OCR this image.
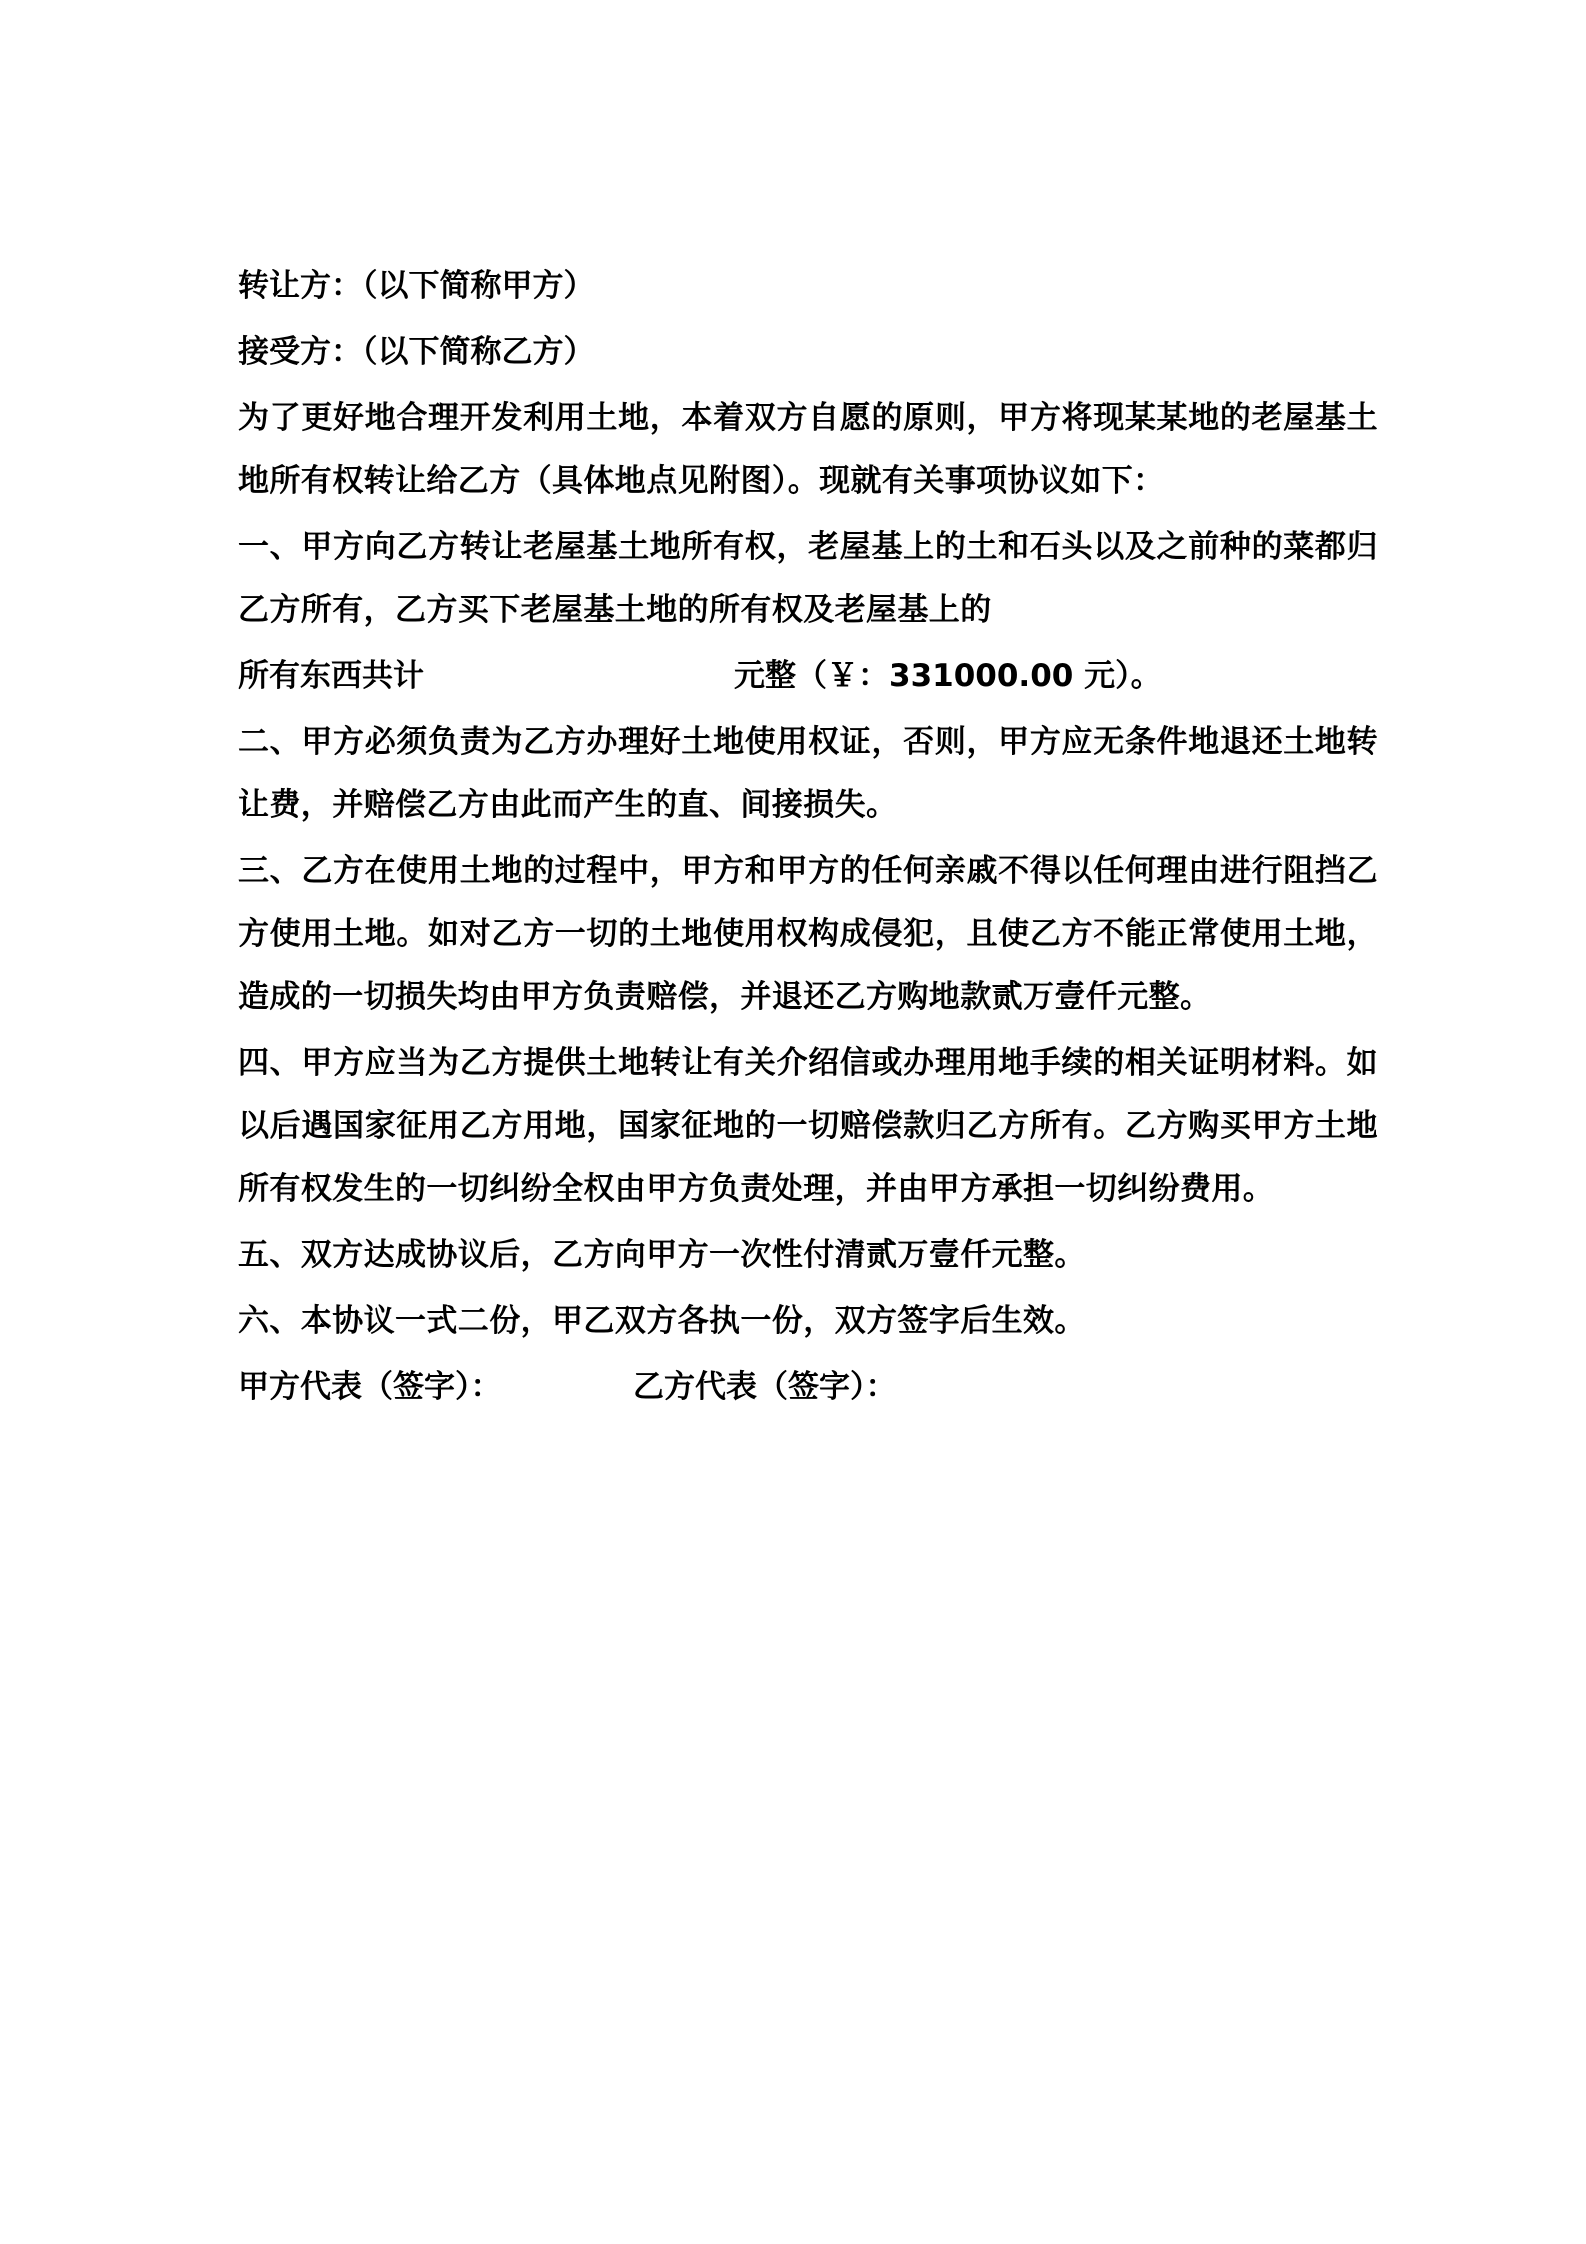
转让方：（以下简称甲方）

接受方：（以下简称乙方）

为了更好地合理开发利用土地，本着双方自愿的原则，甲方将现某某地的老屋基土地所有权转让给乙方（具体地点见附图）。现就有关事项协议如下：

一、甲方向乙方转让老屋基土地所有权，老屋基上的土和石头以及之前种的菜都归乙方所有，乙方买下老屋基土地的所有权及老屋基上的

所有东西共计　　　　　　　　　　	元整（￥：331000.00 元）。

二、甲方必须负责为乙方办理好土地使用权证，否则，甲方应无条件地退还土地转让费，并赔偿乙方由此而产生的直、间接损失。

三、乙方在使用土地的过程中，甲方和甲方的任何亲戚不得以任何理由进行阻挡乙方使用土地。如对乙方一切的土地使用权构成侵犯，且使乙方不能正常使用土地，造成的一切损失均由甲方负责赔偿，并退还乙方购地款贰万壹仟元整。

四、甲方应当为乙方提供土地转让有关介绍信或办理用地手续的相关证明材料。如以后遇国家征用乙方用地，国家征地的一切赔偿款归乙方所有。乙方购买甲方土地所有权发生的一切纠纷全权由甲方负责处理，并由甲方承担一切纠纷费用。

五、双方达成协议后，乙方向甲方一次性付清贰万壹仟元整。

六、本协议一式二份，甲乙双方各执一份，双方签字后生效。

甲方代表（签字）：	乙方代表（签字）：
